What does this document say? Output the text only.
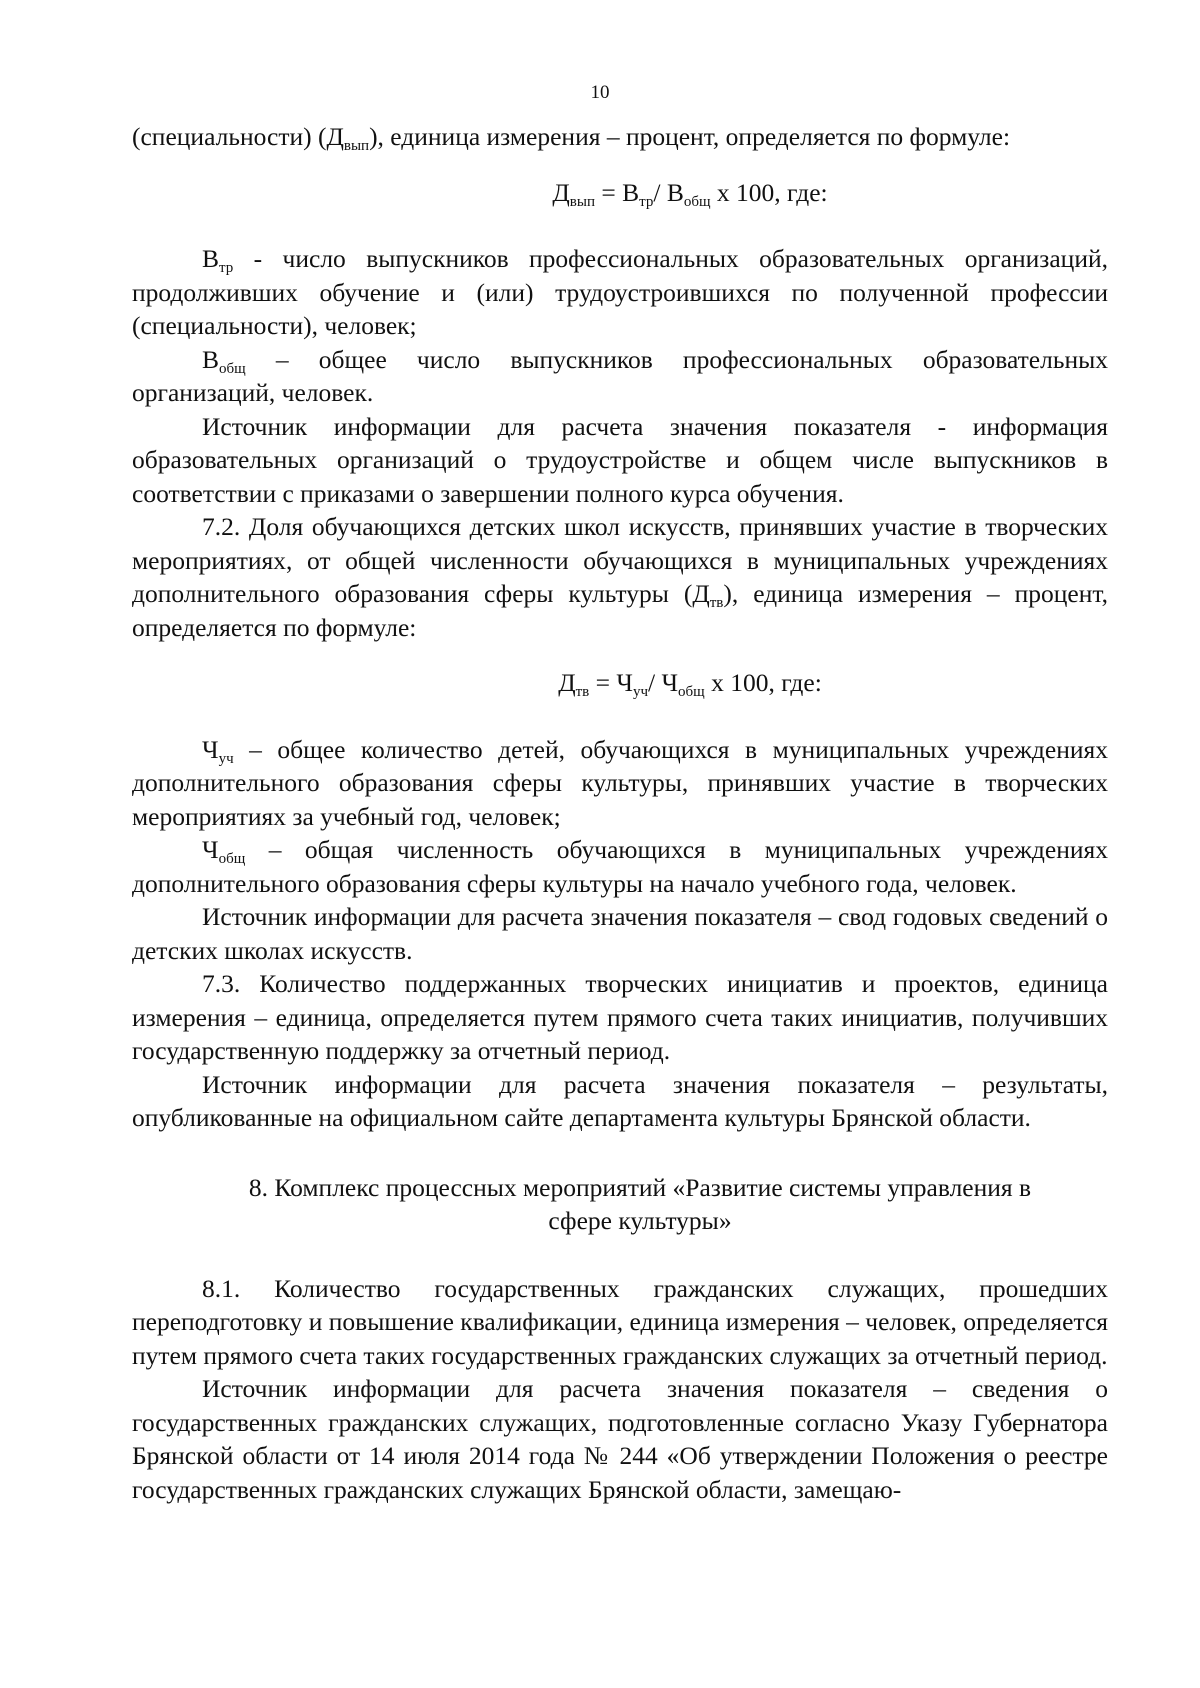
10

(специальности) $(Д_{вып})$, единица измерения – процент, определяется по формуле:

$Д_{вып} = В_{тр}/$ $В_{общ}$ х 100, где:

$В_{тр}$ - число выпускников профессиональных образовательных организаций, продолживших обучение и (или) трудоустроившихся по полученной профессии (специальности), человек;

$В_{общ}$ – общее число выпускников профессиональных образовательных организаций, человек.

Источник информации для расчета значения показателя - информация образовательных организаций о трудоустройстве и общем числе выпускников в соответствии с приказами о завершении полного курса обучения.

7.2. Доля обучающихся детских школ искусств, принявших участие в творческих мероприятиях, от общей численности обучающихся в муниципальных учреждениях дополнительного образования сферы культуры $(Д_{тв})$, единица измерения – процент, определяется по формуле:

$Д_{тв} = Ч_{уч}/$ $Ч_{общ}$ х 100, где:

$Ч_{уч}$ – общее количество детей, обучающихся в муниципальных учреждениях дополнительного образования сферы культуры, принявших участие в творческих мероприятиях за учебный год, человек;

$Ч_{общ}$ – общая численность обучающихся в муниципальных учреждениях дополнительного образования сферы культуры на начало учебного года, человек.

Источник информации для расчета значения показателя – свод годовых сведений о детских школах искусств.

7.3. Количество поддержанных творческих инициатив и проектов, единица измерения – единица, определяется путем прямого счета таких инициатив, получивших государственную поддержку за отчетный период.

Источник информации для расчета значения показателя – результаты, опубликованные на официальном сайте департамента культуры Брянской области.

8. Комплекс процессных мероприятий «Развитие системы управления в
сфере культуры»

8.1. Количество государственных гражданских служащих, прошедших переподготовку и повышение квалификации, единица измерения – человек, определяется путем прямого счета таких государственных гражданских служащих за отчетный период.

Источник информации для расчета значения показателя – сведения о государственных гражданских служащих, подготовленные согласно Указу Губернатора Брянской области от 14 июля 2014 года № 244 «Об утверждении Положения о реестре государственных гражданских служащих Брянской области, замещаю-
